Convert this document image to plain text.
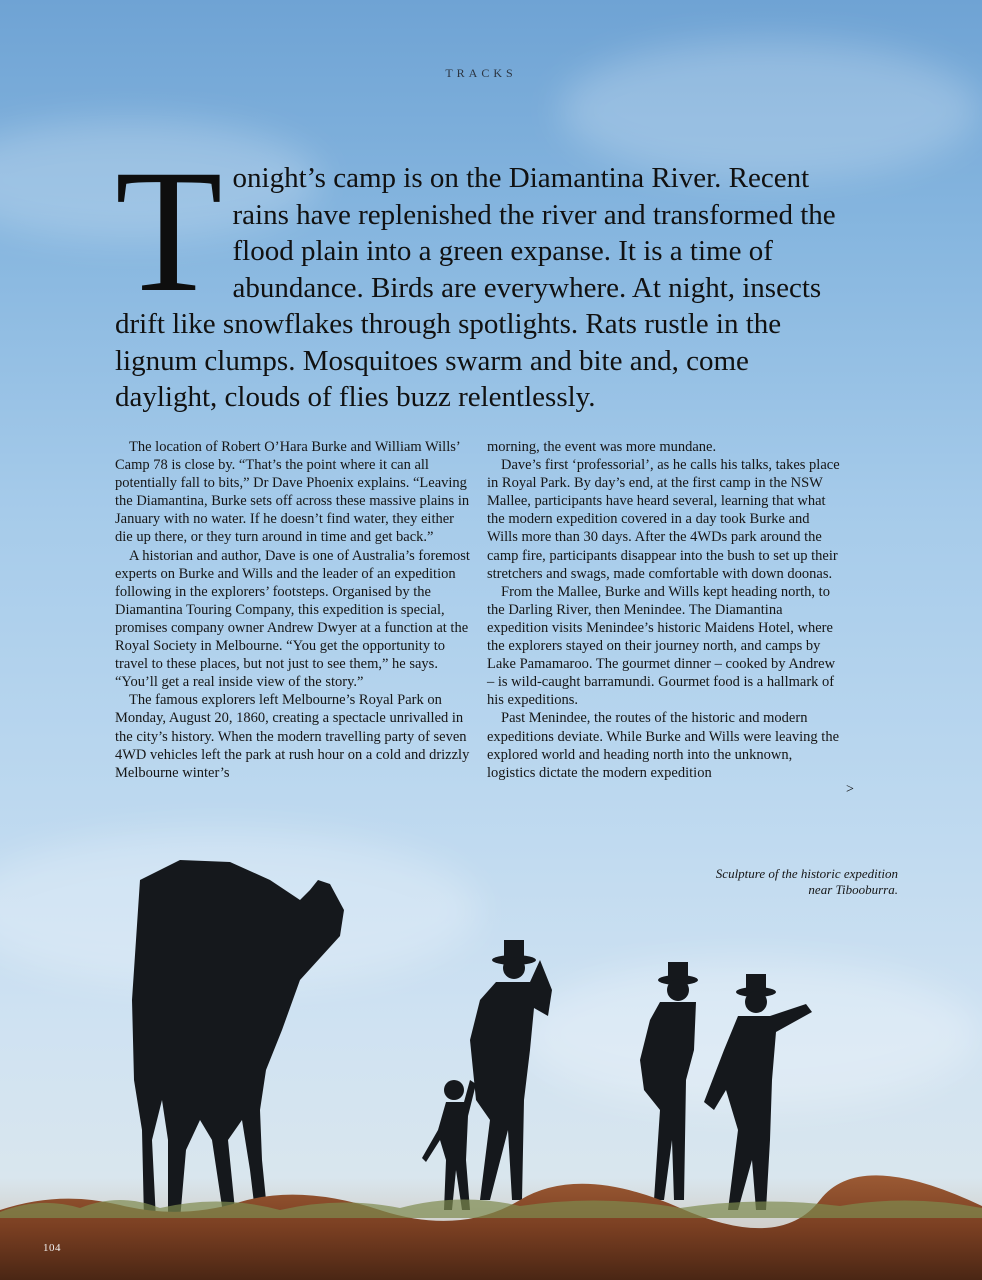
TRACKS

Tonight’s camp is on the Diamantina River. Recent rains have replenished the river and transformed the flood plain into a green expanse. It is a time of abundance. Birds are everywhere. At night, insects drift like snowflakes through spotlights. Rats rustle in the lignum clumps. Mosquitoes swarm and bite and, come daylight, clouds of flies buzz relentlessly.

The location of Robert O’Hara Burke and William Wills’ Camp 78 is close by. “That’s the point where it can all potentially fall to bits,” Dr Dave Phoenix explains. “Leaving the Diamantina, Burke sets off across these massive plains in January with no water. If he doesn’t find water, they either die up there, or they turn around in time and get back.”

A historian and author, Dave is one of Australia’s foremost experts on Burke and Wills and the leader of an expedition following in the explorers’ footsteps. Organised by the Diamantina Touring Company, this expedition is special, promises company owner Andrew Dwyer at a function at the Royal Society in Melbourne. “You get the opportunity to travel to these places, but not just to see them,” he says. “You’ll get a real inside view of the story.”

The famous explorers left Melbourne’s Royal Park on Monday, August 20, 1860, creating a spectacle unrivalled in the city’s history. When the modern travelling party of seven 4WD vehicles left the park at rush hour on a cold and drizzly Melbourne winter’s

morning, the event was more mundane.

Dave’s first ‘professorial’, as he calls his talks, takes place in Royal Park. By day’s end, at the first camp in the NSW Mallee, participants have heard several, learning that what the modern expedition covered in a day took Burke and Wills more than 30 days. After the 4WDs park around the camp fire, participants disappear into the bush to set up their stretchers and swags, made comfortable with down doonas.

From the Mallee, Burke and Wills kept heading north, to the Darling River, then Menindee. The Diamantina expedition visits Menindee’s historic Maidens Hotel, where the explorers stayed on their journey north, and camps by Lake Pamamaroo. The gourmet dinner – cooked by Andrew – is wild-caught barramundi. Gourmet food is a hallmark of his expeditions.

Past Menindee, the routes of the historic and modern expeditions deviate. While Burke and Wills were leaving the explored world and heading north into the unknown, logistics dictate the modern expedition

>
Sculpture of the historic expedition near Tibooburra.
104
